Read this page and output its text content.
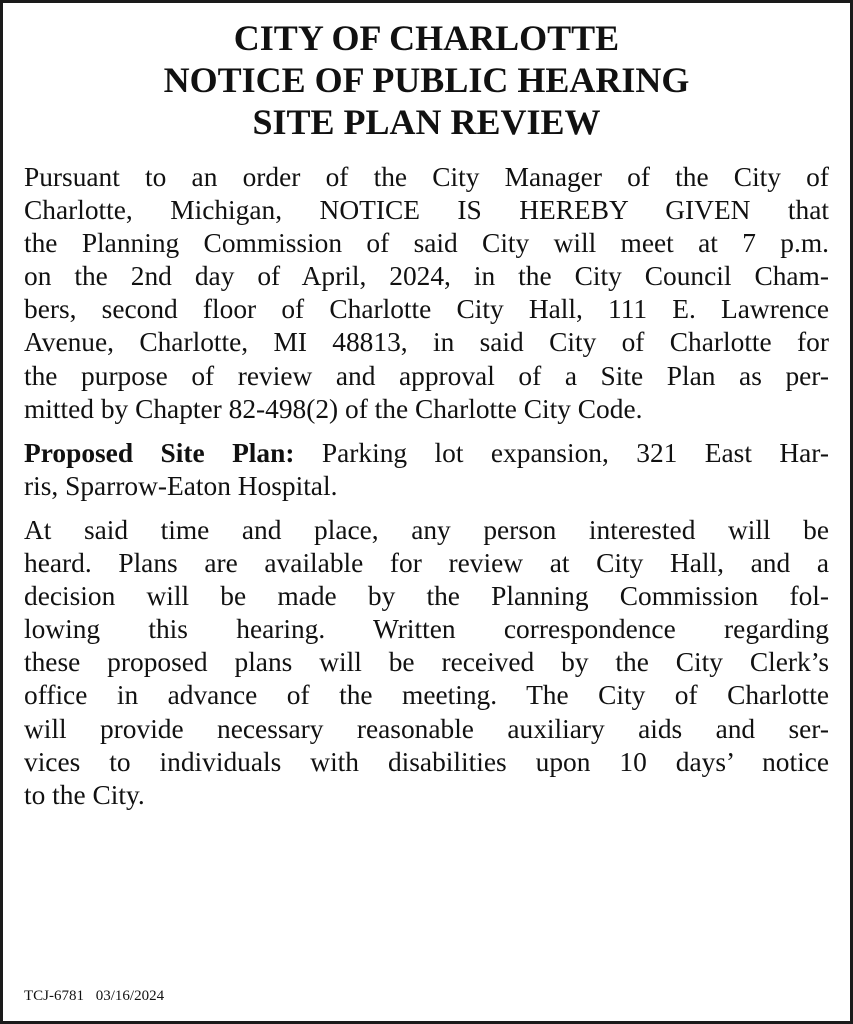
CITY OF CHARLOTTE
NOTICE OF PUBLIC HEARING
SITE PLAN REVIEW

Pursuant to an order of the City Manager of the City of
Charlotte, Michigan, NOTICE IS HEREBY GIVEN that
the Planning Commission of said City will meet at 7 p.m.
on the 2nd day of April, 2024, in the City Council Cham-
bers, second floor of Charlotte City Hall, 111 E. Lawrence
Avenue, Charlotte, MI 48813, in said City of Charlotte for
the purpose of review and approval of a Site Plan as per-
mitted by Chapter 82-498(2) of the Charlotte City Code.

Proposed Site Plan: Parking lot expansion, 321 East Har-
ris, Sparrow-Eaton Hospital.

At said time and place, any person interested will be
heard. Plans are available for review at City Hall, and a
decision will be made by the Planning Commission fol-
lowing this hearing. Written correspondence regarding
these proposed plans will be received by the City Clerk’s
office in advance of the meeting. The City of Charlotte
will provide necessary reasonable auxiliary aids and ser-
vices to individuals with disabilities upon 10 days’ notice
to the City.

TCJ-6781 03/16/2024
